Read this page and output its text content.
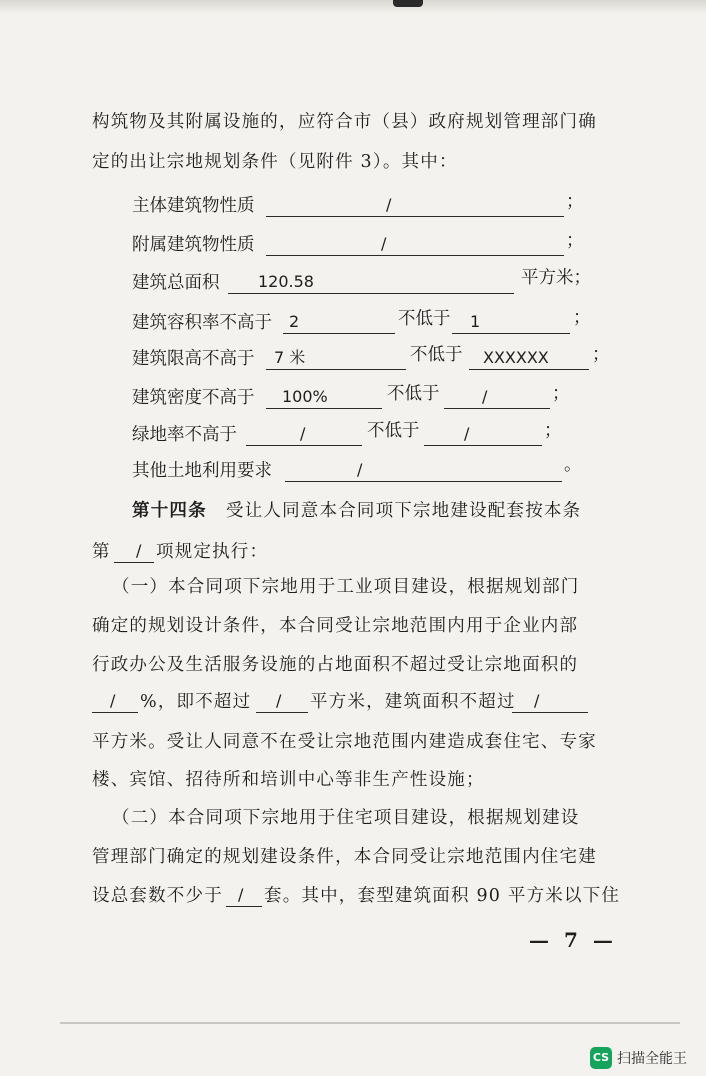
构筑物及其附属设施的，应符合市（县）政府规划管理部门确
定的出让宗地规划条件（见附件 3）。其中：
主体建筑物性质	/	；
附属建筑物性质	/	；
建筑总面积 120.58	平方米；
建筑容积率不高于 2	不低于 1	；
建筑限高不高于 7 米	不低于 XXXXXX ；
建筑密度不高于 100%	不低于	/	；
绿地率不高于	/	不低于	/	；
其他土地利用要求	/	。
第十四条 受让人同意本合同项下宗地建设配套按本条
第 / 项规定执行：
（一）本合同项下宗地用于工业项目建设，根据规划部门
确定的规划设计条件，本合同受让宗地范围内用于企业内部
行政办公及生活服务设施的占地面积不超过受让宗地面积的
/ %，即不超过 / 平方米，建筑面积不超过 /
平方米。受让人同意不在受让宗地范围内建造成套住宅、专家
楼、宾馆、招待所和培训中心等非生产性设施；
（二）本合同项下宗地用于住宅项目建设，根据规划建设
管理部门确定的规划建设条件，本合同受让宗地范围内住宅建
设总套数不少于 / 套。其中，套型建筑面积 90 平方米以下住
— 7 —
CS 扫描全能王
